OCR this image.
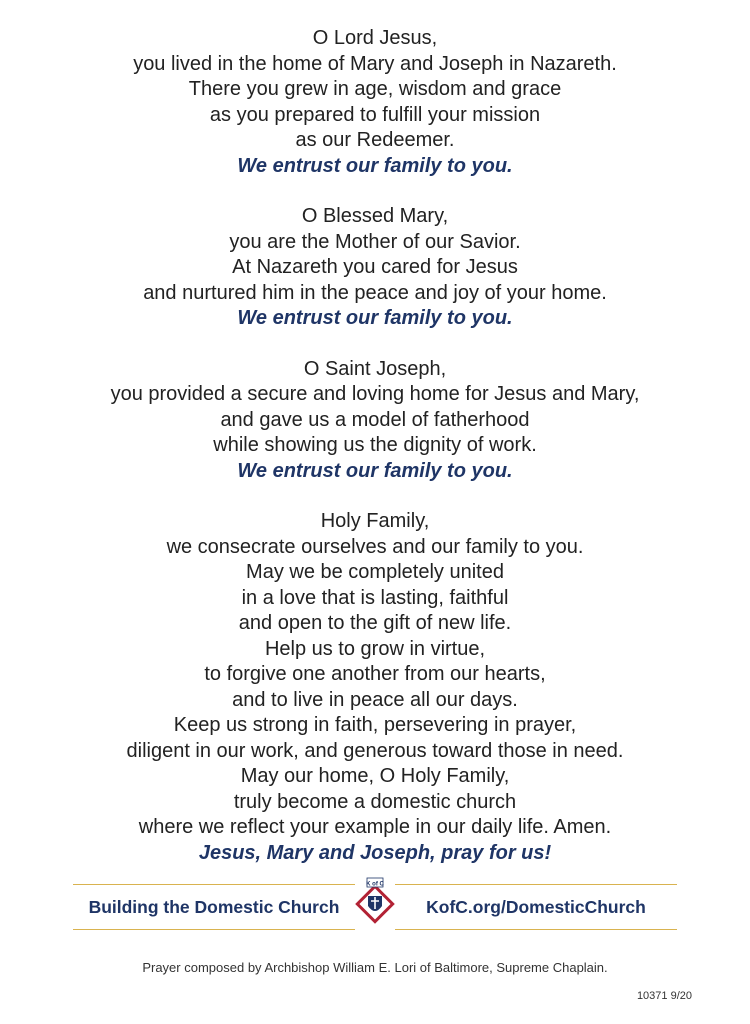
O Lord Jesus,
you lived in the home of Mary and Joseph in Nazareth.
There you grew in age, wisdom and grace
as you prepared to fulfill your mission
as our Redeemer.
We entrust our family to you.
O Blessed Mary,
you are the Mother of our Savior.
At Nazareth you cared for Jesus
and nurtured him in the peace and joy of your home.
We entrust our family to you.
O Saint Joseph,
you provided a secure and loving home for Jesus and Mary,
and gave us a model of fatherhood
while showing us the dignity of work.
We entrust our family to you.
Holy Family,
we consecrate ourselves and our family to you.
May we be completely united
in a love that is lasting, faithful
and open to the gift of new life.
Help us to grow in virtue,
to forgive one another from our hearts,
and to live in peace all our days.
Keep us strong in faith, persevering in prayer,
diligent in our work, and generous toward those in need.
May our home, O Holy Family,
truly become a domestic church
where we reflect your example in our daily life. Amen.
Jesus, Mary and Joseph, pray for us!
Building the Domestic Church
K of C
KofC.org/DomesticChurch
Prayer composed by Archbishop William E. Lori of Baltimore, Supreme Chaplain.
10371 9/20
